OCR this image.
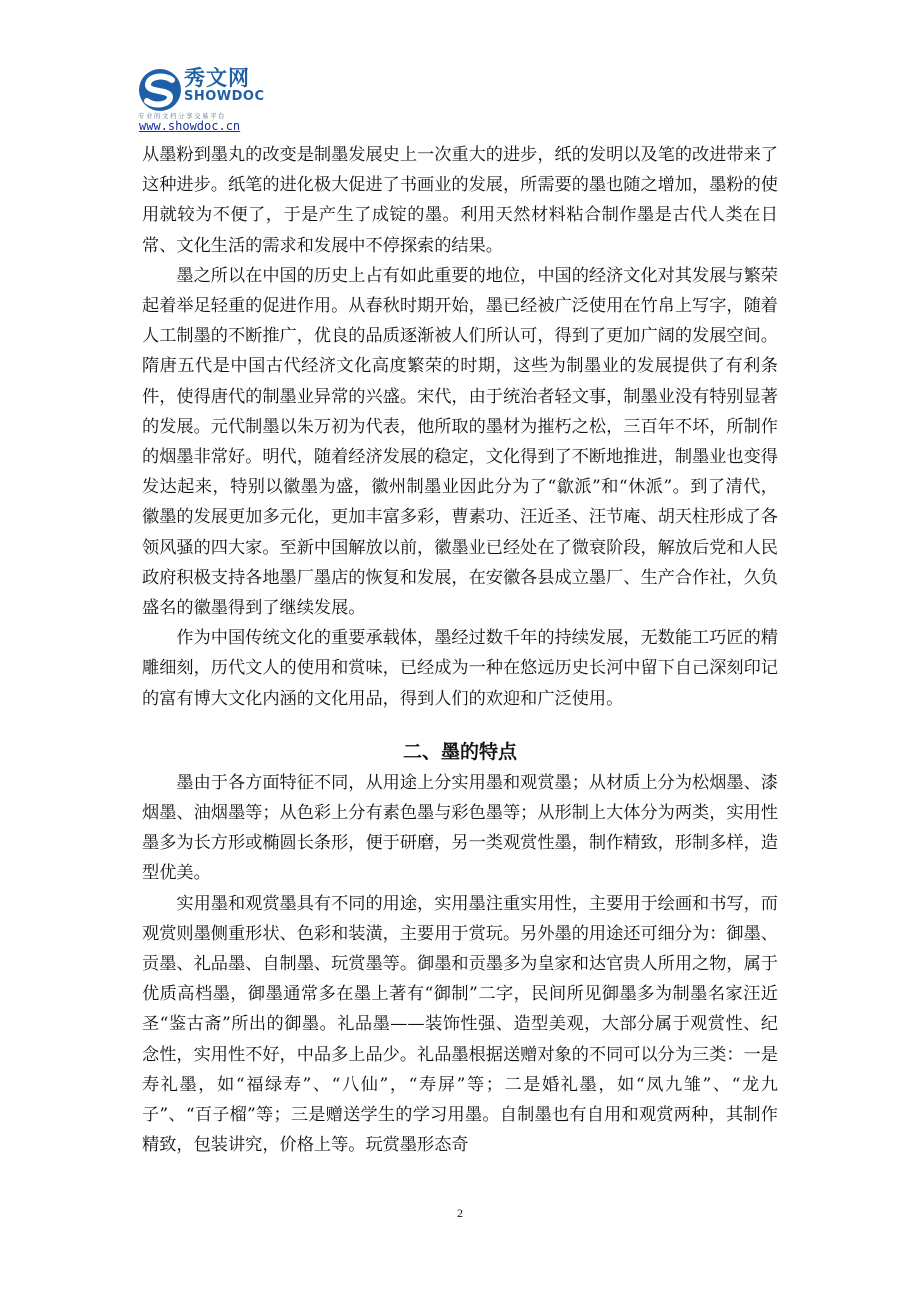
秀文网
SHOWDOC
专业的文档分享交易平台
www.showdoc.cn

从墨粉到墨丸的改变是制墨发展史上一次重大的进步，纸的发明以及笔的改进带来了这种进步。纸笔的进化极大促进了书画业的发展，所需要的墨也随之增加，墨粉的使用就较为不便了，于是产生了成锭的墨。利用天然材料粘合制作墨是古代人类在日常、文化生活的需求和发展中不停探索的结果。

墨之所以在中国的历史上占有如此重要的地位，中国的经济文化对其发展与繁荣起着举足轻重的促进作用。从春秋时期开始，墨已经被广泛使用在竹帛上写字，随着人工制墨的不断推广，优良的品质逐渐被人们所认可，得到了更加广阔的发展空间。隋唐五代是中国古代经济文化高度繁荣的时期，这些为制墨业的发展提供了有利条件，使得唐代的制墨业异常的兴盛。宋代，由于统治者轻文事，制墨业没有特别显著的发展。元代制墨以朱万初为代表，他所取的墨材为摧朽之松，三百年不坏，所制作的烟墨非常好。明代，随着经济发展的稳定，文化得到了不断地推进，制墨业也变得发达起来，特别以徽墨为盛，徽州制墨业因此分为了“歙派”和“休派”。到了清代，徽墨的发展更加多元化，更加丰富多彩，曹素功、汪近圣、汪节庵、胡天柱形成了各领风骚的四大家。至新中国解放以前，徽墨业已经处在了微衰阶段，解放后党和人民政府积极支持各地墨厂墨店的恢复和发展，在安徽各县成立墨厂、生产合作社，久负盛名的徽墨得到了继续发展。

作为中国传统文化的重要承载体，墨经过数千年的持续发展，无数能工巧匠的精雕细刻，历代文人的使用和赏味，已经成为一种在悠远历史长河中留下自己深刻印记的富有博大文化内涵的文化用品，得到人们的欢迎和广泛使用。

二、墨的特点

墨由于各方面特征不同，从用途上分实用墨和观赏墨；从材质上分为松烟墨、漆烟墨、油烟墨等；从色彩上分有素色墨与彩色墨等；从形制上大体分为两类，实用性墨多为长方形或椭圆长条形，便于研磨，另一类观赏性墨，制作精致，形制多样，造型优美。

实用墨和观赏墨具有不同的用途，实用墨注重实用性，主要用于绘画和书写，而观赏则墨侧重形状、色彩和装潢，主要用于赏玩。另外墨的用途还可细分为：御墨、贡墨、礼品墨、自制墨、玩赏墨等。御墨和贡墨多为皇家和达官贵人所用之物，属于优质高档墨，御墨通常多在墨上著有“御制”二字，民间所见御墨多为制墨名家汪近圣“鉴古斋”所出的御墨。礼品墨——装饰性强、造型美观，大部分属于观赏性、纪念性，实用性不好，中品多上品少。礼品墨根据送赠对象的不同可以分为三类：一是寿礼墨，如“福绿寿”、“八仙”，“寿屏”等；二是婚礼墨，如“凤九雏”、“龙九子”、“百子榴”等；三是赠送学生的学习用墨。自制墨也有自用和观赏两种，其制作精致，包装讲究，价格上等。玩赏墨形态奇

2
